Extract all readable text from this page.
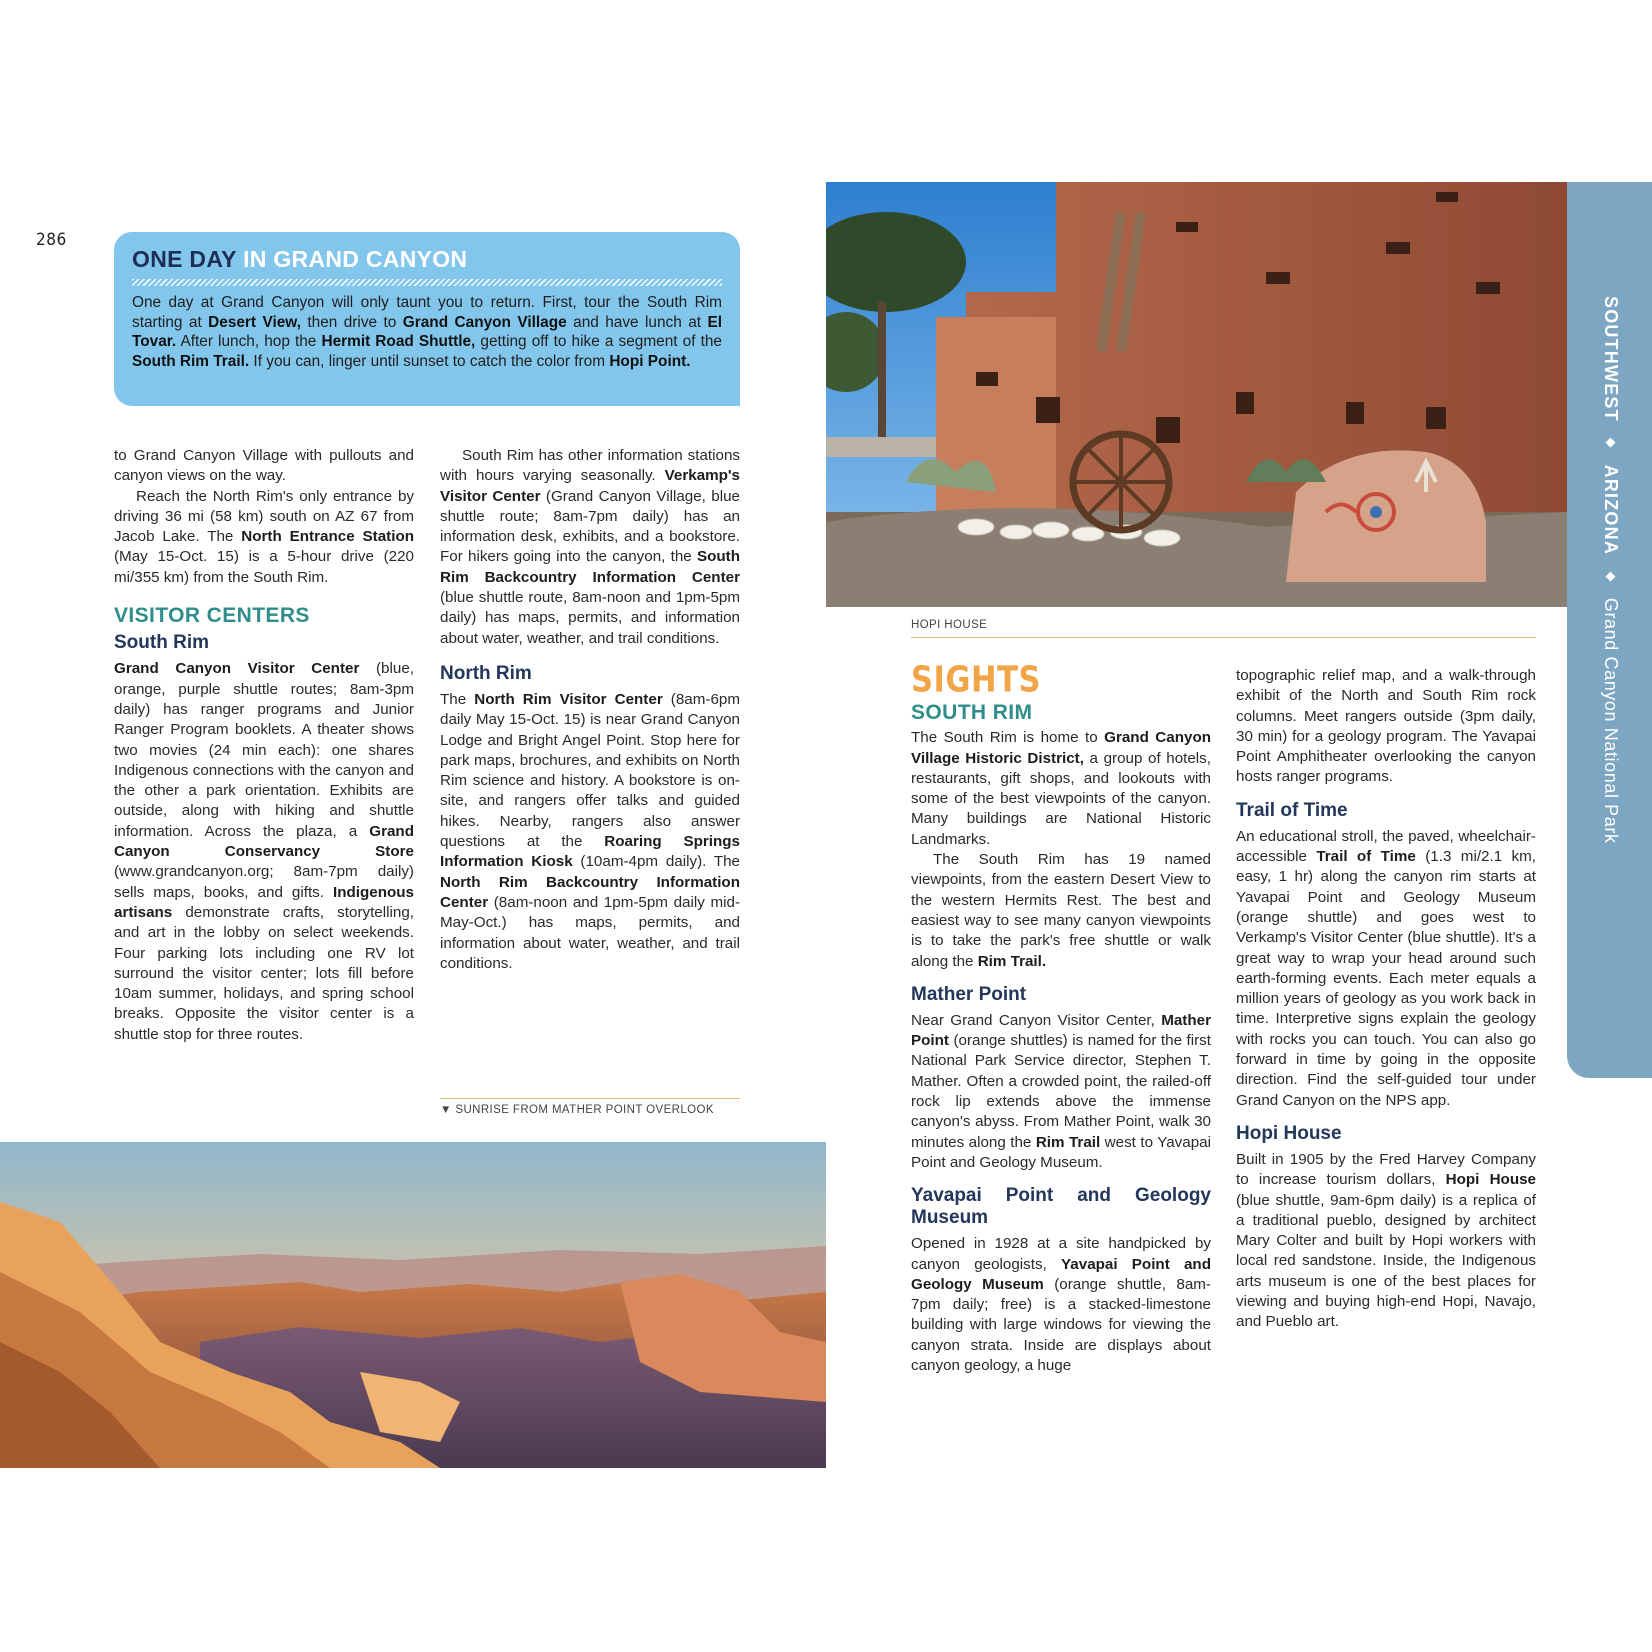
286
ONE DAY IN GRAND CANYON
One day at Grand Canyon will only taunt you to return. First, tour the South Rim starting at Desert View, then drive to Grand Canyon Village and have lunch at El Tovar. After lunch, hop the Hermit Road Shuttle, getting off to hike a segment of the South Rim Trail. If you can, linger until sunset to catch the color from Hopi Point.

to Grand Canyon Village with pullouts and canyon views on the way.

Reach the North Rim's only entrance by driving 36 mi (58 km) south on AZ 67 from Jacob Lake. The North Entrance Station (May 15-Oct. 15) is a 5-hour drive (220 mi/355 km) from the South Rim.

VISITOR CENTERS
South Rim

Grand Canyon Visitor Center (blue, orange, purple shuttle routes; 8am-3pm daily) has ranger programs and Junior Ranger Program booklets. A theater shows two movies (24 min each): one shares Indigenous connections with the canyon and the other a park orientation. Exhibits are outside, along with hiking and shuttle information. Across the plaza, a Grand Canyon Conservancy Store (www.grandcanyon.org; 8am-7pm daily) sells maps, books, and gifts. Indigenous artisans demonstrate crafts, storytelling, and art in the lobby on select weekends. Four parking lots including one RV lot surround the visitor center; lots fill before 10am summer, holidays, and spring school breaks. Opposite the visitor center is a shuttle stop for three routes.

South Rim has other information stations with hours varying seasonally. Verkamp's Visitor Center (Grand Canyon Village, blue shuttle route; 8am-7pm daily) has an information desk, exhibits, and a bookstore. For hikers going into the canyon, the South Rim Backcountry Information Center (blue shuttle route, 8am-noon and 1pm-5pm daily) has maps, permits, and information about water, weather, and trail conditions.

North Rim

The North Rim Visitor Center (8am-6pm daily May 15-Oct. 15) is near Grand Canyon Lodge and Bright Angel Point. Stop here for park maps, brochures, and exhibits on North Rim science and history. A bookstore is on-site, and rangers offer talks and guided hikes. Nearby, rangers also answer questions at the Roaring Springs Information Kiosk (10am-4pm daily). The North Rim Backcountry Information Center (8am-noon and 1pm-5pm daily mid-May-Oct.) has maps, permits, and information about water, weather, and trail conditions.

▼ SUNRISE FROM MATHER POINT OVERLOOK
HOPI HOUSE
SIGHTS
SOUTH RIM

The South Rim is home to Grand Canyon Village Historic District, a group of hotels, restaurants, gift shops, and lookouts with some of the best viewpoints of the canyon. Many buildings are National Historic Landmarks.

The South Rim has 19 named viewpoints, from the eastern Desert View to the western Hermits Rest. The best and easiest way to see many canyon viewpoints is to take the park's free shuttle or walk along the Rim Trail.

Mather Point

Near Grand Canyon Visitor Center, Mather Point (orange shuttles) is named for the first National Park Service director, Stephen T. Mather. Often a crowded point, the railed-off rock lip extends above the immense canyon's abyss. From Mather Point, walk 30 minutes along the Rim Trail west to Yavapai Point and Geology Museum.

Yavapai Point and Geology Museum

Opened in 1928 at a site handpicked by canyon geologists, Yavapai Point and Geology Museum (orange shuttle, 8am-7pm daily; free) is a stacked-limestone building with large windows for viewing the canyon strata. Inside are displays about canyon geology, a huge

topographic relief map, and a walk-through exhibit of the North and South Rim rock columns. Meet rangers outside (3pm daily, 30 min) for a geology program. The Yavapai Point Amphitheater overlooking the canyon hosts ranger programs.

Trail of Time

An educational stroll, the paved, wheelchair-accessible Trail of Time (1.3 mi/2.1 km, easy, 1 hr) along the canyon rim starts at Yavapai Point and Geology Museum (orange shuttle) and goes west to Verkamp's Visitor Center (blue shuttle). It's a great way to wrap your head around such earth-forming events. Each meter equals a million years of geology as you work back in time. Interpretive signs explain the geology with rocks you can touch. You can also go forward in time by going in the opposite direction. Find the self-guided tour under Grand Canyon on the NPS app.

Hopi House

Built in 1905 by the Fred Harvey Company to increase tourism dollars, Hopi House (blue shuttle, 9am-6pm daily) is a replica of a traditional pueblo, designed by architect Mary Colter and built by Hopi workers with local red sandstone. Inside, the Indigenous arts museum is one of the best places for viewing and buying high-end Hopi, Navajo, and Pueblo art.

SOUTHWEST ◆ ARIZONA ◆ Grand Canyon National Park
